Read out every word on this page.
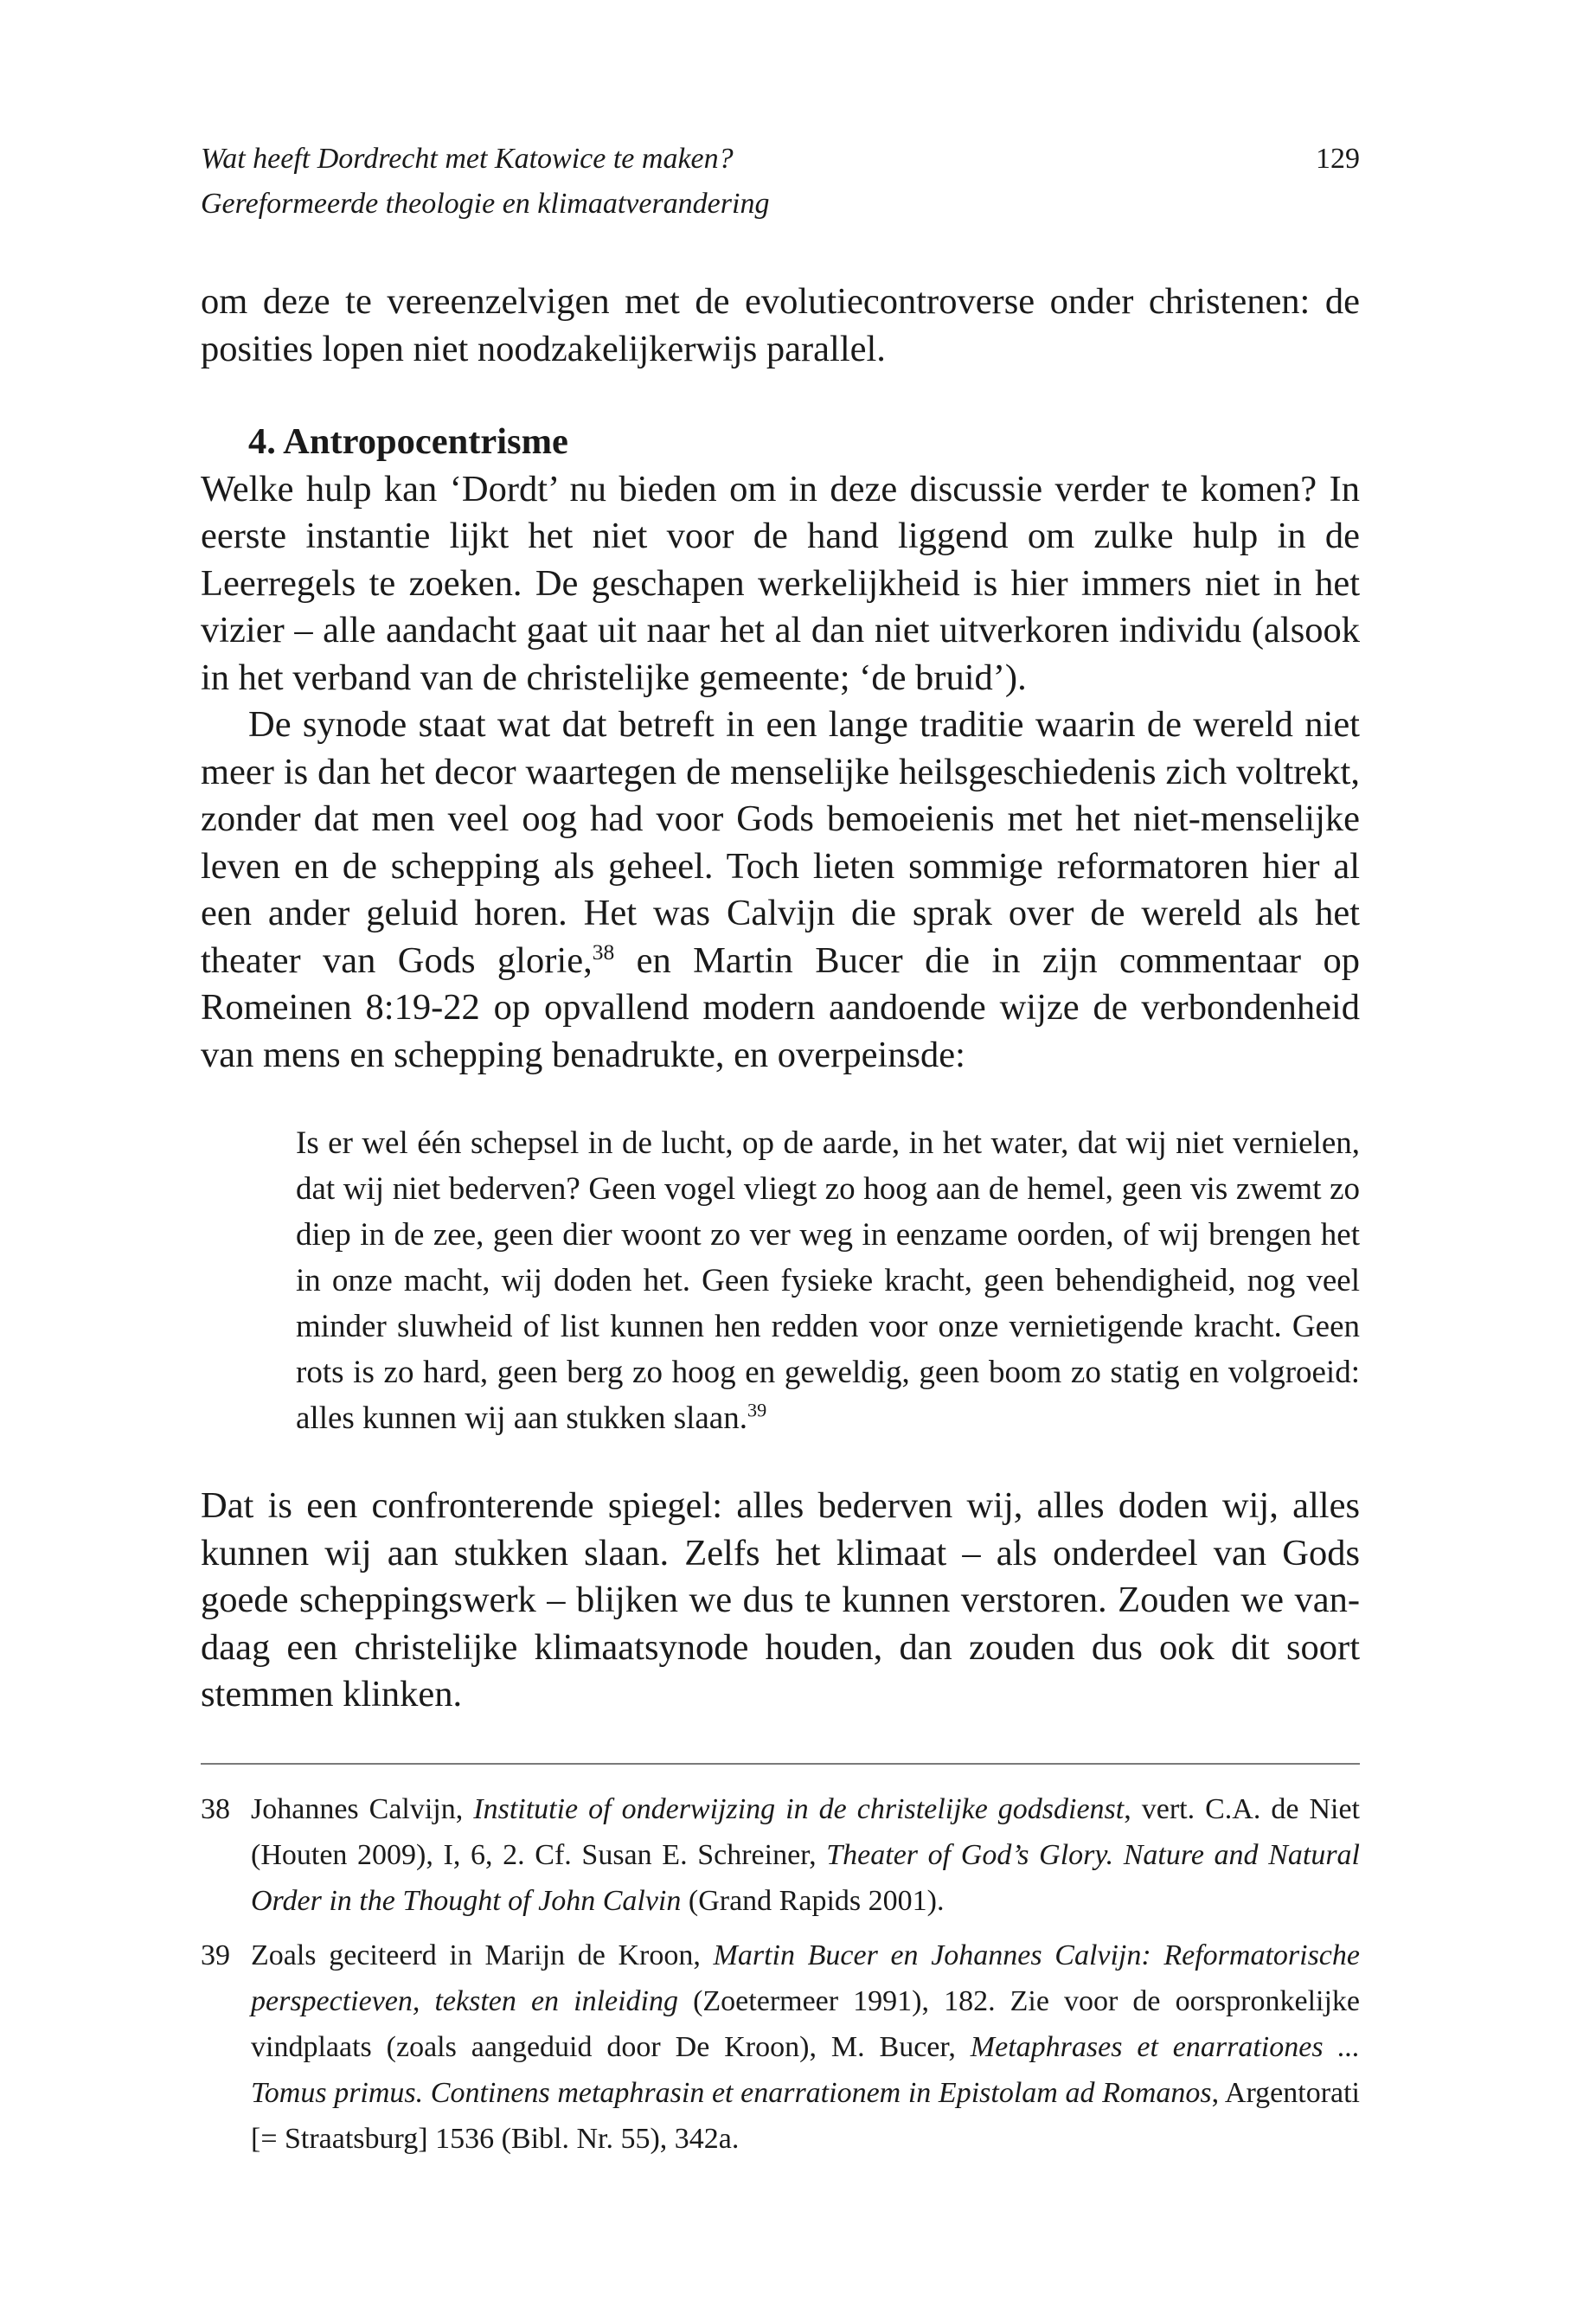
Wat heeft Dordrecht met Katowice te maken?
Gereformeerde theologie en klimaatverandering
129

om deze te vereenzelvigen met de evolutiecontroverse onder christenen: de posities lopen niet noodzakelijkerwijs parallel.

4. Antropocentrisme

Welke hulp kan ‘Dordt’ nu bieden om in deze discussie verder te komen? In eerste instantie lijkt het niet voor de hand liggend om zulke hulp in de Leerregels te zoeken. De geschapen werkelijkheid is hier immers niet in het vizier – alle aandacht gaat uit naar het al dan niet uitverkoren individu (alsook in het verband van de christelijke gemeente; ‘de bruid’).

De synode staat wat dat betreft in een lange traditie waarin de wereld niet meer is dan het decor waartegen de menselijke heilsgeschiedenis zich voltrekt, zonder dat men veel oog had voor Gods bemoeienis met het niet-menselijke leven en de schepping als geheel. Toch lieten sommige reformatoren hier al een ander geluid horen. Het was Calvijn die sprak over de wereld als het theater van Gods glorie,$^{38}$ en Martin Bucer die in zijn commentaar op Romeinen 8:19-22 op opvallend modern aandoende wijze de verbondenheid van mens en schepping benadrukte, en overpeinsde:

Is er wel één schepsel in de lucht, op de aarde, in het water, dat wij niet vernielen, dat wij niet bederven? Geen vogel vliegt zo hoog aan de hemel, geen vis zwemt zo diep in de zee, geen dier woont zo ver weg in eenzame oorden, of wij brengen het in onze macht, wij doden het. Geen fysieke kracht, geen behendigheid, nog veel minder sluwheid of list kunnen hen redden voor onze vernietigende kracht. Geen rots is zo hard, geen berg zo hoog en geweldig, geen boom zo statig en volgroeid: alles kunnen wij aan stukken slaan.$^{39}$

Dat is een confronterende spiegel: alles bederven wij, alles doden wij, alles kunnen wij aan stukken slaan. Zelfs het klimaat – als onderdeel van Gods goede scheppingswerk – blijken we dus te kunnen verstoren. Zouden we vandaag een christelijke klimaatsynode houden, dan zouden dus ook dit soort stemmen klinken.

38 Johannes Calvijn, Institutie of onderwijzing in de christelijke godsdienst, vert. C.A. de Niet (Houten 2009), I, 6, 2. Cf. Susan E. Schreiner, Theater of God’s Glory. Nature and Natural Order in the Thought of John Calvin (Grand Rapids 2001).
39 Zoals geciteerd in Marijn de Kroon, Martin Bucer en Johannes Calvijn: Reformatorische perspectieven, teksten en inleiding (Zoetermeer 1991), 182. Zie voor de oorspronkelijke vindplaats (zoals aangeduid door De Kroon), M. Bucer, Metaphrases et enarrationes ... Tomus primus. Continens metaphrasin et enarrationem in Epistolam ad Romanos, Argentorati [= Straatsburg] 1536 (Bibl. Nr. 55), 342a.
